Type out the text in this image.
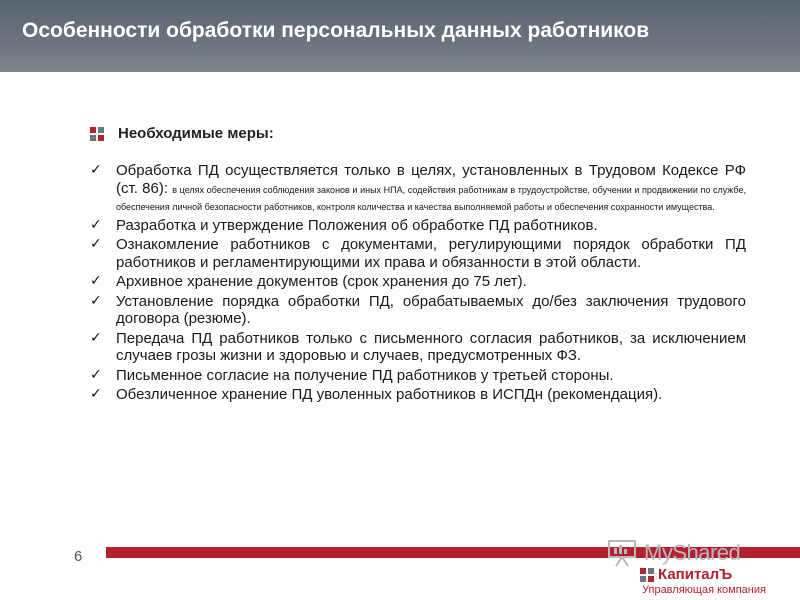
Особенности обработки персональных данных работников
Необходимые меры:
✓ Обработка ПД осуществляется только в целях, установленных в Трудовом Кодексе РФ (ст. 86): в целях обеспечения соблюдения законов и иных НПА, содействия работникам в трудоустройстве, обучении и продвижении по службе, обеспечения личной безопасности работников, контроля количества и качества выполняемой работы и обеспечения сохранности имущества.
✓ Разработка и утверждение Положения об обработке ПД работников.
✓ Ознакомление работников с документами, регулирующими порядок обработки ПД работников и регламентирующими их права и обязанности в этой области.
✓ Архивное хранение документов (срок хранения до 75 лет).
✓ Установление порядка обработки ПД, обрабатываемых до/без заключения трудового договора (резюме).
✓ Передача ПД работников только с письменного согласия работников, за исключением случаев грозы жизни и здоровью и случаев, предусмотренных ФЗ.
✓ Письменное согласие на получение ПД работников у третьей стороны.
✓ Обезличенное хранение ПД уволенных работников в ИСПДн (рекомендация).
6	MyShared
КапиталЪ
Управляющая компания
